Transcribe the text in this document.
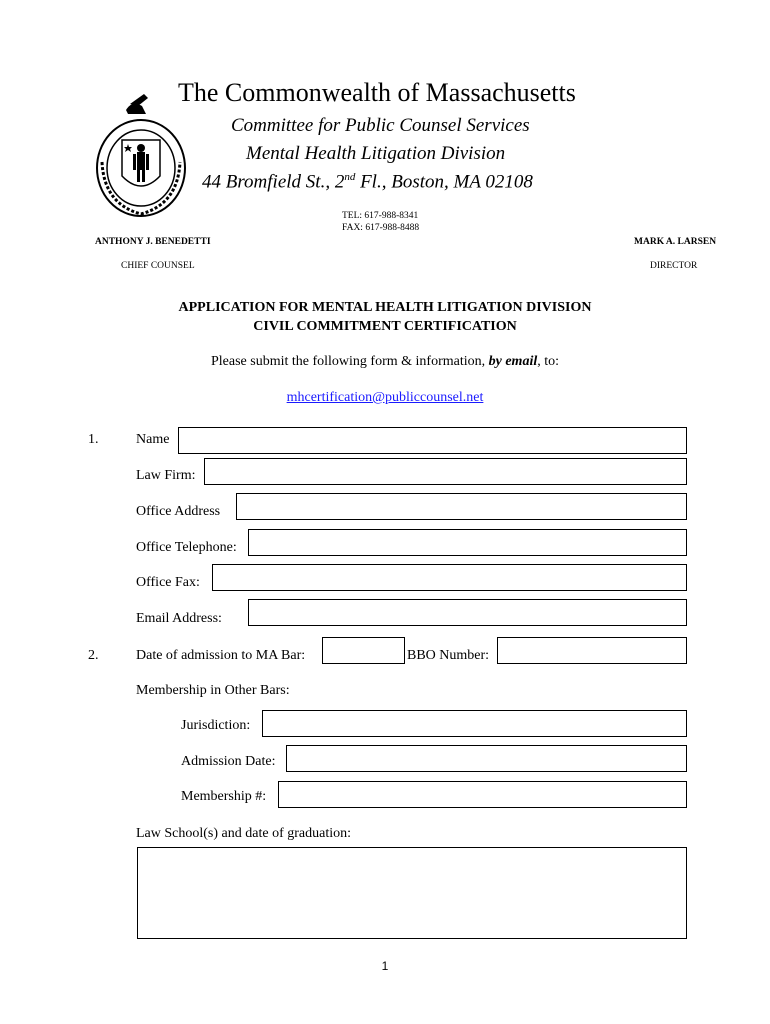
The Commonwealth of Massachusetts
Committee for Public Counsel Services
Mental Health Litigation Division
44 Bromfield St., 2nd Fl., Boston, MA 02108
TEL: 617-988-8341
FAX: 617-988-8488
ANTHONY J. BENEDETTI
CHIEF COUNSEL
MARK A. LARSEN
DIRECTOR
APPLICATION FOR MENTAL HEALTH LITIGATION DIVISION
CIVIL COMMITMENT CERTIFICATION
Please submit the following form & information, by email, to:
mhcertification@publiccounsel.net
1.	Name
Law Firm:
Office Address
Office Telephone:
Office Fax:
Email Address:
2.	Date of admission to MA Bar:	BBO Number:
Membership in Other Bars:
Jurisdiction:
Admission Date:
Membership #:
Law School(s) and date of graduation:
1
